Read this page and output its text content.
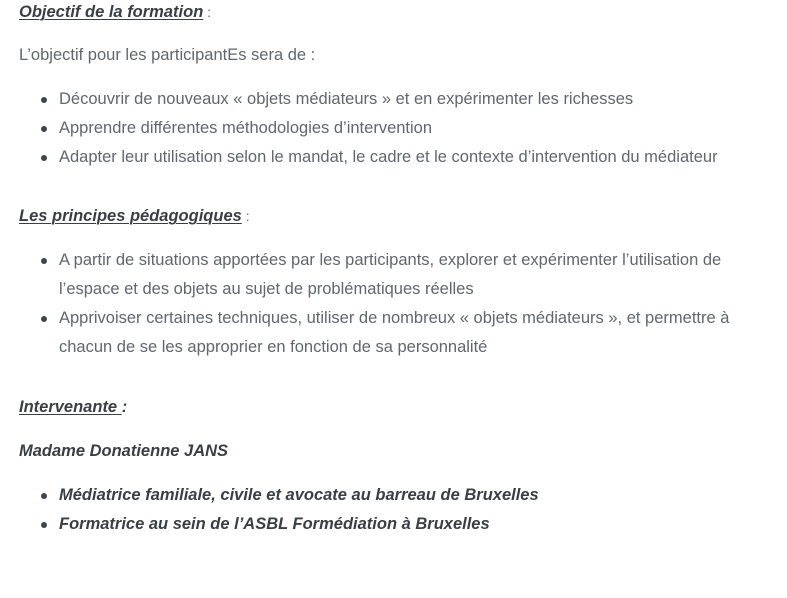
Objectif de la formation :

L’objectif pour les participantEs sera de :

Découvrir de nouveaux « objets médiateurs » et en expérimenter les richesses
Apprendre différentes méthodologies d’intervention
Adapter leur utilisation selon le mandat, le cadre et le contexte d’intervention du médiateur

Les principes pédagogiques :

A partir de situations apportées par les participants, explorer et expérimenter l’utilisation de l’espace et des objets au sujet de problématiques réelles
Apprivoiser certaines techniques, utiliser de nombreux « objets médiateurs », et permettre à chacun de se les approprier en fonction de sa personnalité

Intervenante :

Madame Donatienne JANS

Médiatrice familiale, civile et avocate au barreau de Bruxelles
Formatrice au sein de l’ASBL Formédiation à Bruxelles
